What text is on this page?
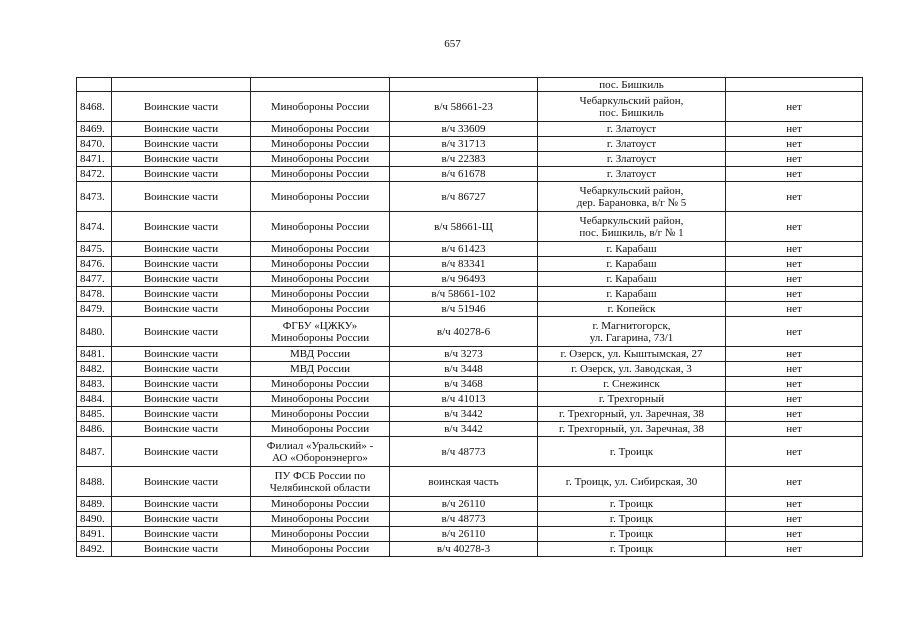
657
				пос. Бишкиль	
8468.	Воинские части	Минобороны России	в/ч 58661-23	Чебаркульский район,
пос. Бишкиль	нет
8469.	Воинские части	Минобороны России	в/ч 33609	г. Златоуст	нет
8470.	Воинские части	Минобороны России	в/ч 31713	г. Златоуст	нет
8471.	Воинские части	Минобороны России	в/ч 22383	г. Златоуст	нет
8472.	Воинские части	Минобороны России	в/ч 61678	г. Златоуст	нет
8473.	Воинские части	Минобороны России	в/ч 86727	Чебаркульский район,
дер. Барановка, в/г № 5	нет
8474.	Воинские части	Минобороны России	в/ч 58661-Щ	Чебаркульский район,
пос. Бишкиль, в/г № 1	нет
8475.	Воинские части	Минобороны России	в/ч 61423	г. Карабаш	нет
8476.	Воинские части	Минобороны России	в/ч 83341	г. Карабаш	нет
8477.	Воинские части	Минобороны России	в/ч 96493	г. Карабаш	нет
8478.	Воинские части	Минобороны России	в/ч 58661-102	г. Карабаш	нет
8479.	Воинские части	Минобороны России	в/ч 51946	г. Копейск	нет
8480.	Воинские части	ФГБУ «ЦЖКУ»
Минобороны России	в/ч 40278-6	г. Магнитогорск,
ул. Гагарина, 73/1	нет
8481.	Воинские части	МВД России	в/ч 3273	г. Озерск, ул. Кыштымская, 27	нет
8482.	Воинские части	МВД России	в/ч 3448	г. Озерск, ул. Заводская, 3	нет
8483.	Воинские части	Минобороны России	в/ч 3468	г. Снежинск	нет
8484.	Воинские части	Минобороны России	в/ч 41013	г. Трехгорный	нет
8485.	Воинские части	Минобороны России	в/ч 3442	г. Трехгорный, ул. Заречная, 38	нет
8486.	Воинские части	Минобороны России	в/ч 3442	г. Трехгорный, ул. Заречная, 38	нет
8487.	Воинские части	Филиал «Уральский» -
АО «Оборонэнерго»	в/ч 48773	г. Троицк	нет
8488.	Воинские части	ПУ ФСБ России по
Челябинской области	воинская часть	г. Троицк, ул. Сибирская, 30	нет
8489.	Воинские части	Минобороны России	в/ч 26110	г. Троицк	нет
8490.	Воинские части	Минобороны России	в/ч 48773	г. Троицк	нет
8491.	Воинские части	Минобороны России	в/ч 26110	г. Троицк	нет
8492.	Воинские части	Минобороны России	в/ч 40278-3	г. Троицк	нет
